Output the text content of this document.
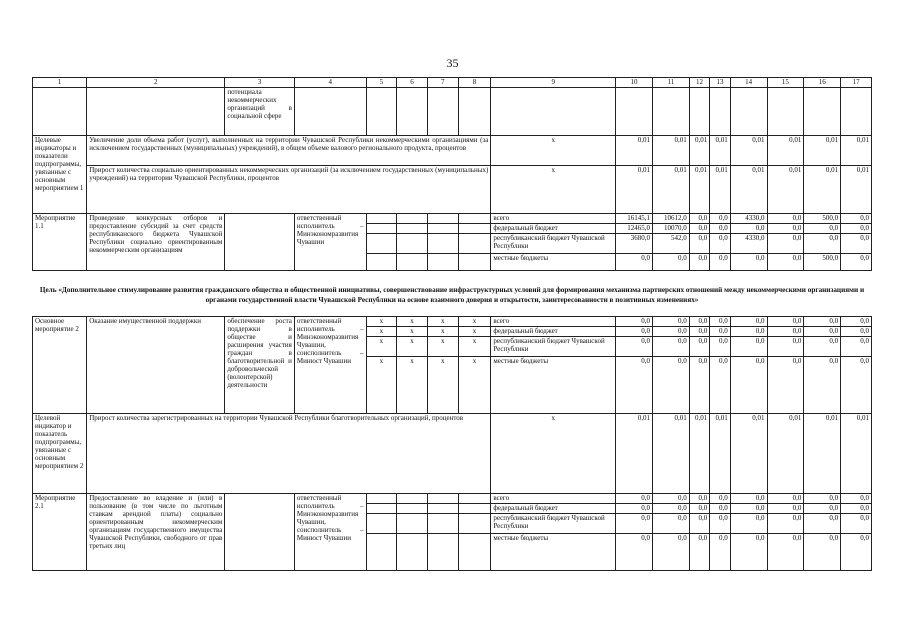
35
1	2	3	4	5	6	7	8	9	10	11	12	13	14	15	16	17
		потенциала некоммерческих организаций в социальной сфере														
Целевые индикаторы и показатели подпрограммы, увязанные с основным мероприятием 1	Увеличение доли объема работ (услуг), выполненных на территории Чувашской Республики некоммерческими организациями (за исключением государственных (муниципальных) учреждений), в общем объеме валового регионального продукта, процентов							x	0,01	0,01	0,01	0,01	0,01	0,01	0,01	0,01
	Прирост количества социально ориентированных некоммерческих организаций (за исключением государственных (муниципальных) учреждений) на территории Чувашской Республики, процентов							x	0,01	0,01	0,01	0,01	0,01	0,01	0,01	0,01
Мероприятие 1.1	Проведение конкурсных отборов и предоставление субсидий за счет средств республиканского бюджета Чувашской Республики социально ориентированным некоммерческим организациям		ответственный исполнитель – Минэкономразвития Чувашии					всего	16145,1	10612,0	0,0	0,0	4330,0	0,0	500,0	0,0
								федеральный бюджет	12465,0	10070,0	0,0	0,0	0,0	0,0	0,0	0,0
								республиканский бюджет Чувашской Республики	3680,0	542,0	0,0	0,0	4330,0	0,0	0,0	0,0
								местные бюджеты	0,0	0,0	0,0	0,0	0,0	0,0	500,0	0,0
Цель «Дополнительное стимулирование развития гражданского общества и общественной инициативы, совершенствование инфраструктурных условий для формирования механизма партнерских отношений между некоммерческими организациями и органами государственной власти Чувашской Республики на основе взаимного доверия и открытости, заинтересованности в позитивных изменениях»
Основное мероприятие 2	Оказание имущественной поддержки	обеспечение роста поддержки в обществе и расширения участия граждан в благотворительной и добровольческой (волонтерской) деятельности	ответственный исполнитель – Минэкономразвития Чувашии, соисполнитель – Минюст Чувашии	x	x	x	x	всего	0,0	0,0	0,0	0,0	0,0	0,0	0,0	0,0
				x	x	x	x	федеральный бюджет	0,0	0,0	0,0	0,0	0,0	0,0	0,0	0,0
				x	x	x	x	республиканский бюджет Чувашской Республики	0,0	0,0	0,0	0,0	0,0	0,0	0,0	0,0
				x	x	x	x	местные бюджеты	0,0	0,0	0,0	0,0	0,0	0,0	0,0	0,0
Целевой индикатор и показатель подпрограммы, увязанные с основным мероприятием 2	Прирост количества зарегистрированных на территории Чувашской Республики благотворительных организаций, процентов							x	0,01	0,01	0,01	0,01	0,01	0,01	0,01	0,01
Мероприятие 2.1	Предоставление во владение и (или) в пользование (в том числе по льготным ставкам арендной платы) социально ориентированным некоммерческим организациям государственного имущества Чувашской Республики, свободного от прав третьих лиц		ответственный исполнитель – Минэкономразвития Чувашии, соисполнитель – Минюст Чувашии					всего	0,0	0,0	0,0	0,0	0,0	0,0	0,0	0,0
								федеральный бюджет	0,0	0,0	0,0	0,0	0,0	0,0	0,0	0,0
								республиканский бюджет Чувашской Республики	0,0	0,0	0,0	0,0	0,0	0,0	0,0	0,0
								местные бюджеты	0,0	0,0	0,0	0,0	0,0	0,0	0,0	0,0
